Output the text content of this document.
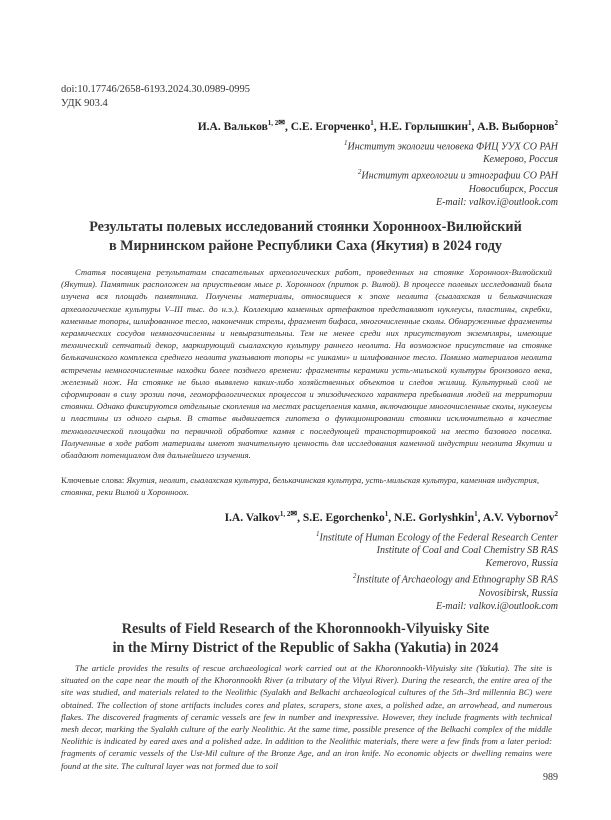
doi:10.17746/2658-6193.2024.30.0989-0995
УДК 903.4
И.А. Вальков$^{1, 2✉}$, С.Е. Егорченко$^1$, Н.Е. Горлышкин$^1$, А.В. Выборнов$^2$
$^1$Институт экологии человека ФИЦ УУХ СО РАН
Кемерово, Россия
$^2$Институт археологии и этнографии СО РАН
Новосибирск, Россия
E-mail: valkov.i@outlook.com
Результаты полевых исследований стоянки Хоронноох-Вилюйский
в Мирнинском районе Республики Саха (Якутия) в 2024 году
Статья посвящена результатам спасательных археологических работ, проведенных на стоянке Хоронноох-Вилюйский (Якутия). Памятник расположен на приустьевом мысе р. Хоронноох (приток р. Вилюй). В процессе полевых исследований была изучена вся площадь памятника. Получены материалы, относящиеся к эпохе неолита (сыалахская и белькачинская археологические культуры V–III тыс. до н.э.). Коллекцию каменных артефактов представляют нуклеусы, пластины, скребки, каменные топоры, шлифованное тесло, наконечник стрелы, фрагмент бифаса, многочисленные сколы. Обнаруженные фрагменты керамических сосудов немногочисленны и невыразительны. Тем не менее среди них присутствуют экземпляры, имеющие технический сетчатый декор, маркирующий сыалахскую культуру раннего неолита. На возможное присутствие на стоянке белькачинского комплекса среднего неолита указывают топоры «с ушками» и шлифованное тесло. Помимо материалов неолита встречены немногочисленные находки более позднего времени: фрагменты керамики усть-мильской культуры бронзового века, железный нож. На стоянке не было выявлено каких-либо хозяйственных объектов и следов жилищ. Культурный слой не сформирован в силу эрозии почв, геоморфологических процессов и эпизодического характера пребывания людей на территории стоянки. Однако фиксируются отдельные скопления на местах расщепления камня, включающие многочисленные сколы, нуклеусы и пластины из одного сырья. В статье выдвигается гипотеза о функционировании стоянки исключительно в качестве технологической площадки по первичной обработке камня с последующей транспортировкой на место базового поселка. Полученные в ходе работ материалы имеют значительную ценность для исследования каменной индустрии неолита Якутии и обладают потенциалом для дальнейшего изучения.
Ключевые слова: Якутия, неолит, сыалахская культура, белькачинская культура, усть-мильская культура, каменная индустрия, стоянка, реки Вилюй и Хоронноох.
I.A. Valkov$^{1, 2✉}$, S.E. Egorchenko$^1$, N.E. Gorlyshkin$^1$, A.V. Vybornov$^2$
$^1$Institute of Human Ecology of the Federal Research Center
Institute of Coal and Coal Chemistry SB RAS
Kemerovo, Russia
$^2$Institute of Archaeology and Ethnography SB RAS
Novosibirsk, Russia
E-mail: valkov.i@outlook.com
Results of Field Research of the Khoronnookh-Vilyuisky Site
in the Mirny District of the Republic of Sakha (Yakutia) in 2024
The article provides the results of rescue archaeological work carried out at the Khoronnookh-Vilyuisky site (Yakutia). The site is situated on the cape near the mouth of the Khoronnookh River (a tributary of the Vilyui River). During the research, the entire area of the site was studied, and materials related to the Neolithic (Syalakh and Belkachi archaeological cultures of the 5th–3rd millennia BC) were obtained. The collection of stone artifacts includes cores and plates, scrapers, stone axes, a polished adze, an arrowhead, and numerous flakes. The discovered fragments of ceramic vessels are few in number and inexpressive. However, they include fragments with technical mesh decor, marking the Syalakh culture of the early Neolithic. At the same time, possible presence of the Belkachi complex of the middle Neolithic is indicated by eared axes and a polished adze. In addition to the Neolithic materials, there were a few finds from a later period: fragments of ceramic vessels of the Ust-Mil culture of the Bronze Age, and an iron knife. No economic objects or dwelling remains were found at the site. The cultural layer was not formed due to soil
989
